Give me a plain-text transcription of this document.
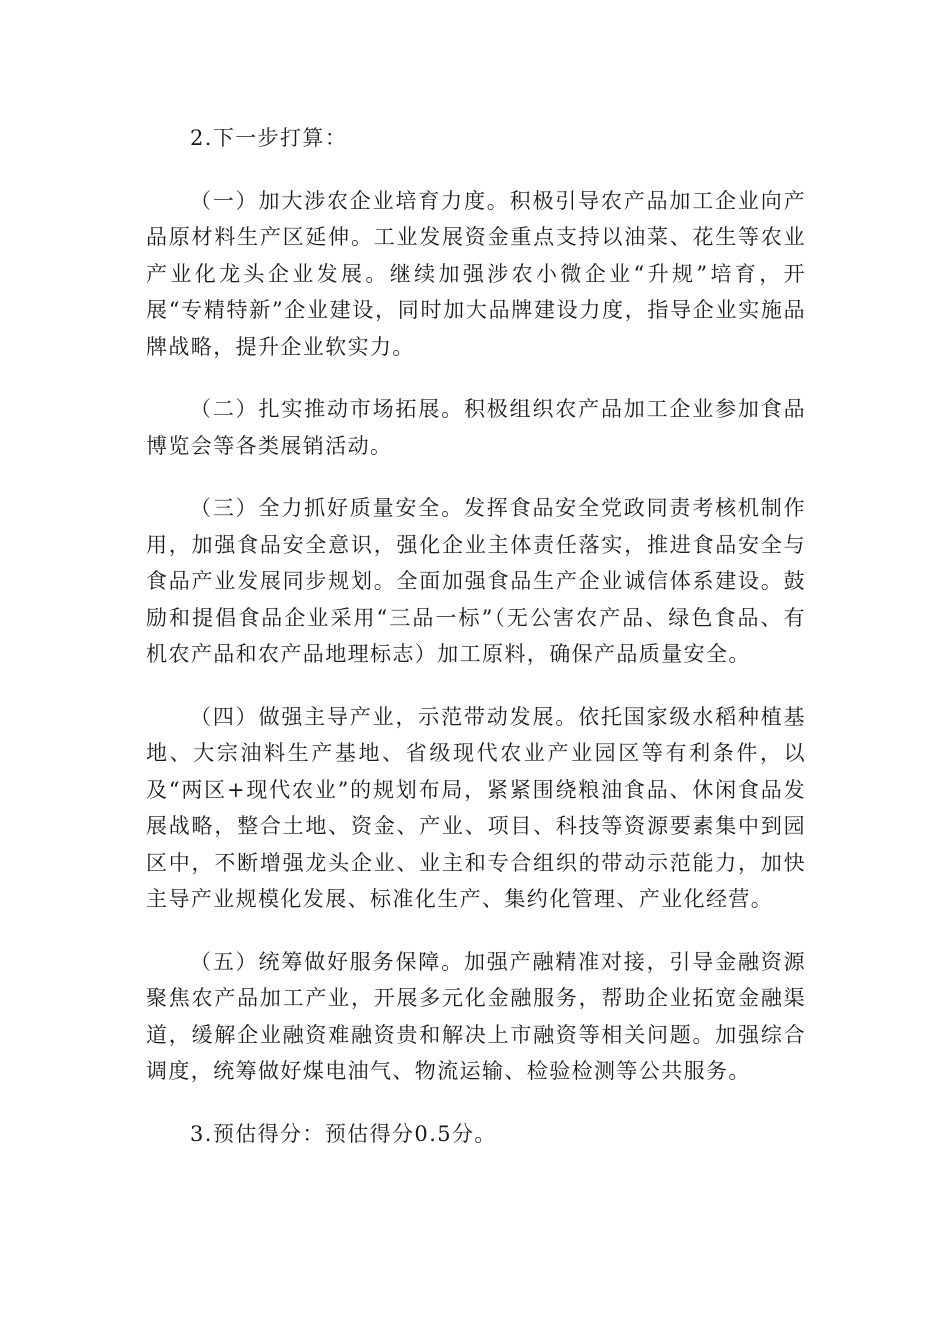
2.下一步打算：

（一）加大涉农企业培育力度。积极引导农产品加工企业向产品原材料生产区延伸。工业发展资金重点支持以油菜、花生等农业产业化龙头企业发展。继续加强涉农小微企业“升规”培育，开展“专精特新”企业建设，同时加大品牌建设力度，指导企业实施品牌战略，提升企业软实力。

（二）扎实推动市场拓展。积极组织农产品加工企业参加食品博览会等各类展销活动。

（三）全力抓好质量安全。发挥食品安全党政同责考核机制作用，加强食品安全意识，强化企业主体责任落实，推进食品安全与食品产业发展同步规划。全面加强食品生产企业诚信体系建设。鼓励和提倡食品企业采用“三品一标”（无公害农产品、绿色食品、有机农产品和农产品地理标志）加工原料，确保产品质量安全。

（四）做强主导产业，示范带动发展。依托国家级水稻种植基地、大宗油料生产基地、省级现代农业产业园区等有利条件，以及“两区+现代农业”的规划布局，紧紧围绕粮油食品、休闲食品发展战略，整合土地、资金、产业、项目、科技等资源要素集中到园区中，不断增强龙头企业、业主和专合组织的带动示范能力，加快主导产业规模化发展、标准化生产、集约化管理、产业化经营。

（五）统筹做好服务保障。加强产融精准对接，引导金融资源聚焦农产品加工产业，开展多元化金融服务，帮助企业拓宽金融渠道，缓解企业融资难融资贵和解决上市融资等相关问题。加强综合调度，统筹做好煤电油气、物流运输、检验检测等公共服务。

3.预估得分：预估得分0.5分。
